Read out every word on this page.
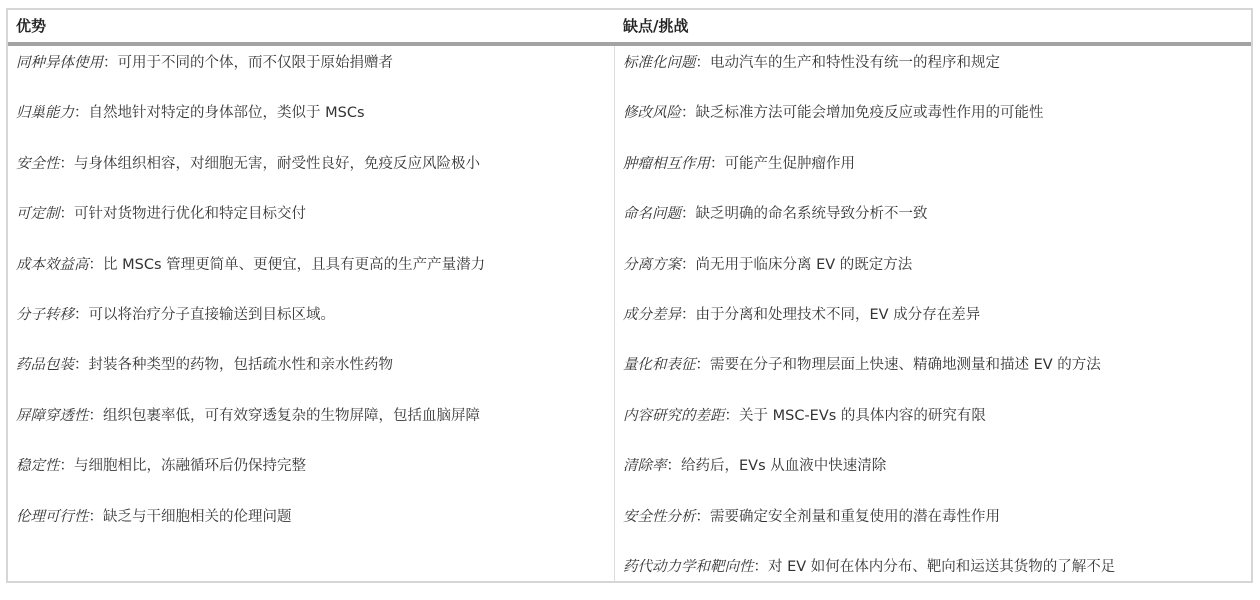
优势	缺点/挑战
同种异体使用：可用于不同的个体，而不仅限于原始捐赠者
归巢能力：自然地针对特定的身体部位，类似于 MSCs
安全性：与身体组织相容，对细胞无害，耐受性良好，免疫反应风险极小
可定制：可针对货物进行优化和特定目标交付
成本效益高：比 MSCs 管理更简单、更便宜，且具有更高的生产产量潜力
分子转移：可以将治疗分子直接输送到目标区域。
药品包装：封装各种类型的药物，包括疏水性和亲水性药物
屏障穿透性：组织包裹率低，可有效穿透复杂的生物屏障，包括血脑屏障
稳定性：与细胞相比，冻融循环后仍保持完整
伦理可行性：缺乏与干细胞相关的伦理问题
标准化问题：电动汽车的生产和特性没有统一的程序和规定
修改风险：缺乏标准方法可能会增加免疫反应或毒性作用的可能性
肿瘤相互作用：可能产生促肿瘤作用
命名问题：缺乏明确的命名系统导致分析不一致
分离方案：尚无用于临床分离 EV 的既定方法
成分差异：由于分离和处理技术不同，EV 成分存在差异
量化和表征：需要在分子和物理层面上快速、精确地测量和描述 EV 的方法
内容研究的差距：关于 MSC-EVs 的具体内容的研究有限
清除率：给药后，EVs 从血液中快速清除
安全性分析：需要确定安全剂量和重复使用的潜在毒性作用
药代动力学和靶向性：对 EV 如何在体内分布、靶向和运送其货物的了解不足
